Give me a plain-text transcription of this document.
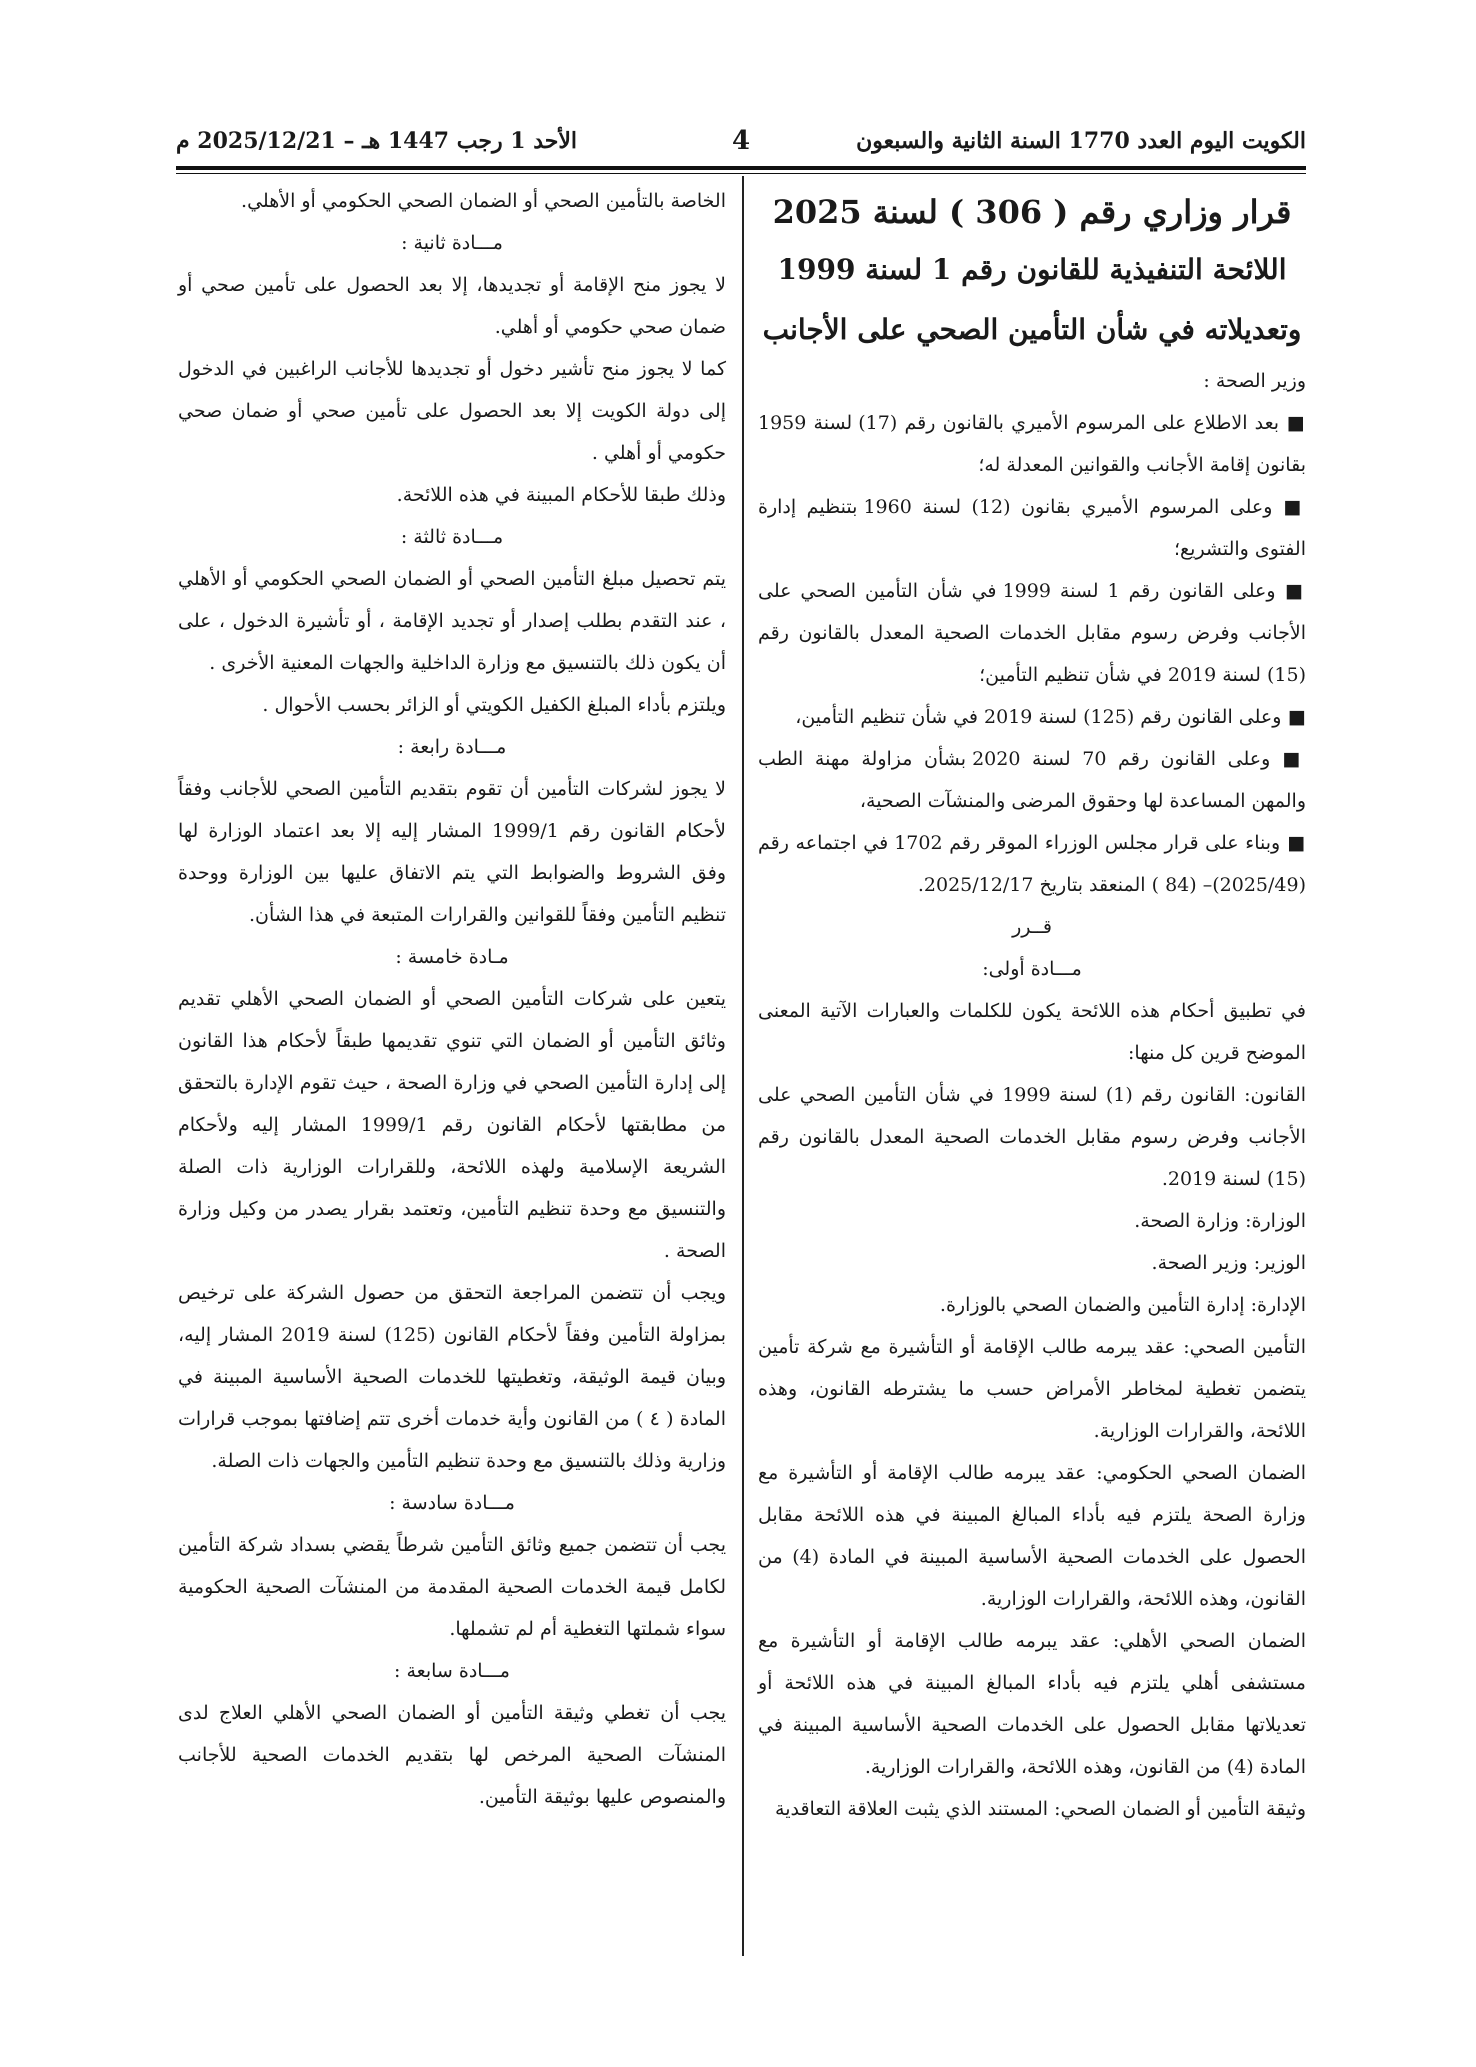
الكويت اليوم العدد 1770 السنة الثانية والسبعون
4
الأحد 1 رجب 1447 هـ – 2025/12/21 م

قرار وزاري رقم ( 306 ) لسنة 2025

اللائحة التنفيذية للقانون رقم 1 لسنة 1999

وتعديلاته في شأن التأمين الصحي على الأجانب

وزير الصحة :

■ بعد الاطلاع على المرسوم الأميري بالقانون رقم (17) لسنة 1959 بقانون إقامة الأجانب والقوانين المعدلة له؛

■ وعلى المرسوم الأميري بقانون (12) لسنة 1960 بتنظيم إدارة الفتوى والتشريع؛

■ وعلى القانون رقم 1 لسنة 1999 في شأن التأمين الصحي على الأجانب وفرض رسوم مقابل الخدمات الصحية المعدل بالقانون رقم (15) لسنة 2019 في شأن تنظيم التأمين؛

■ وعلى القانون رقم (125) لسنة 2019 في شأن تنظيم التأمين،

■ وعلى القانون رقم 70 لسنة 2020 بشأن مزاولة مهنة الطب والمهن المساعدة لها وحقوق المرضى والمنشآت الصحية،

■ وبناء على قرار مجلس الوزراء الموقر رقم 1702 في اجتماعه رقم (2025/49)– (84 ) المنعقد بتاريخ 2025/12/17.

قــرر

مـــادة أولى:

في تطبيق أحكام هذه اللائحة يكون للكلمات والعبارات الآتية المعنى الموضح قرين كل منها:

القانون: القانون رقم (1) لسنة 1999 في شأن التأمين الصحي على الأجانب وفرض رسوم مقابل الخدمات الصحية المعدل بالقانون رقم (15) لسنة 2019.

الوزارة: وزارة الصحة.

الوزير: وزير الصحة.

الإدارة: إدارة التأمين والضمان الصحي بالوزارة.

التأمين الصحي: عقد يبرمه طالب الإقامة أو التأشيرة مع شركة تأمين يتضمن تغطية لمخاطر الأمراض حسب ما يشترطه القانون، وهذه اللائحة، والقرارات الوزارية.

الضمان الصحي الحكومي: عقد يبرمه طالب الإقامة أو التأشيرة مع وزارة الصحة يلتزم فيه بأداء المبالغ المبينة في هذه اللائحة مقابل الحصول على الخدمات الصحية الأساسية المبينة في المادة (4) من القانون، وهذه اللائحة، والقرارات الوزارية.

الضمان الصحي الأهلي: عقد يبرمه طالب الإقامة أو التأشيرة مع مستشفى أهلي يلتزم فيه بأداء المبالغ المبينة في هذه اللائحة أو تعديلاتها مقابل الحصول على الخدمات الصحية الأساسية المبينة في المادة (4) من القانون، وهذه اللائحة، والقرارات الوزارية.

وثيقة التأمين أو الضمان الصحي: المستند الذي يثبت العلاقة التعاقدية

الخاصة بالتأمين الصحي أو الضمان الصحي الحكومي أو الأهلي.

مـــادة ثانية :

لا يجوز منح الإقامة أو تجديدها، إلا بعد الحصول على تأمين صحي أو ضمان صحي حكومي أو أهلي.

كما لا يجوز منح تأشير دخول أو تجديدها للأجانب الراغبين في الدخول إلى دولة الكويت إلا بعد الحصول على تأمين صحي أو ضمان صحي حكومي أو أهلي .

وذلك طبقا للأحكام المبينة في هذه اللائحة.

مـــادة ثالثة :

يتم تحصيل مبلغ التأمين الصحي أو الضمان الصحي الحكومي أو الأهلي ، عند التقدم بطلب إصدار أو تجديد الإقامة ، أو تأشيرة الدخول ، على أن يكون ذلك بالتنسيق مع وزارة الداخلية والجهات المعنية الأخرى .

ويلتزم بأداء المبلغ الكفيل الكويتي أو الزائر بحسب الأحوال .

مـــادة رابعة :

لا يجوز لشركات التأمين أن تقوم بتقديم التأمين الصحي للأجانب وفقاً لأحكام القانون رقم 1999/1 المشار إليه إلا بعد اعتماد الوزارة لها وفق الشروط والضوابط التي يتم الاتفاق عليها بين الوزارة ووحدة تنظيم التأمين وفقاً للقوانين والقرارات المتبعة في هذا الشأن.

مـادة خامسة :

يتعين على شركات التأمين الصحي أو الضمان الصحي الأهلي تقديم وثائق التأمين أو الضمان التي تنوي تقديمها طبقاً لأحكام هذا القانون إلى إدارة التأمين الصحي في وزارة الصحة ، حيث تقوم الإدارة بالتحقق من مطابقتها لأحكام القانون رقم 1999/1 المشار إليه ولأحكام الشريعة الإسلامية ولهذه اللائحة، وللقرارات الوزارية ذات الصلة والتنسيق مع وحدة تنظيم التأمين، وتعتمد بقرار يصدر من وكيل وزارة الصحة .

ويجب أن تتضمن المراجعة التحقق من حصول الشركة على ترخيص بمزاولة التأمين وفقاً لأحكام القانون (125) لسنة 2019 المشار إليه، وبيان قيمة الوثيقة، وتغطيتها للخدمات الصحية الأساسية المبينة في المادة ( ٤ ) من القانون وأية خدمات أخرى تتم إضافتها بموجب قرارات وزارية وذلك بالتنسيق مع وحدة تنظيم التأمين والجهات ذات الصلة.

مـــادة سادسة :

يجب أن تتضمن جميع وثائق التأمين شرطاً يقضي بسداد شركة التأمين لكامل قيمة الخدمات الصحية المقدمة من المنشآت الصحية الحكومية سواء شملتها التغطية أم لم تشملها.

مـــادة سابعة :

يجب أن تغطي وثيقة التأمين أو الضمان الصحي الأهلي العلاج لدى المنشآت الصحية المرخص لها بتقديم الخدمات الصحية للأجانب والمنصوص عليها بوثيقة التأمين.
